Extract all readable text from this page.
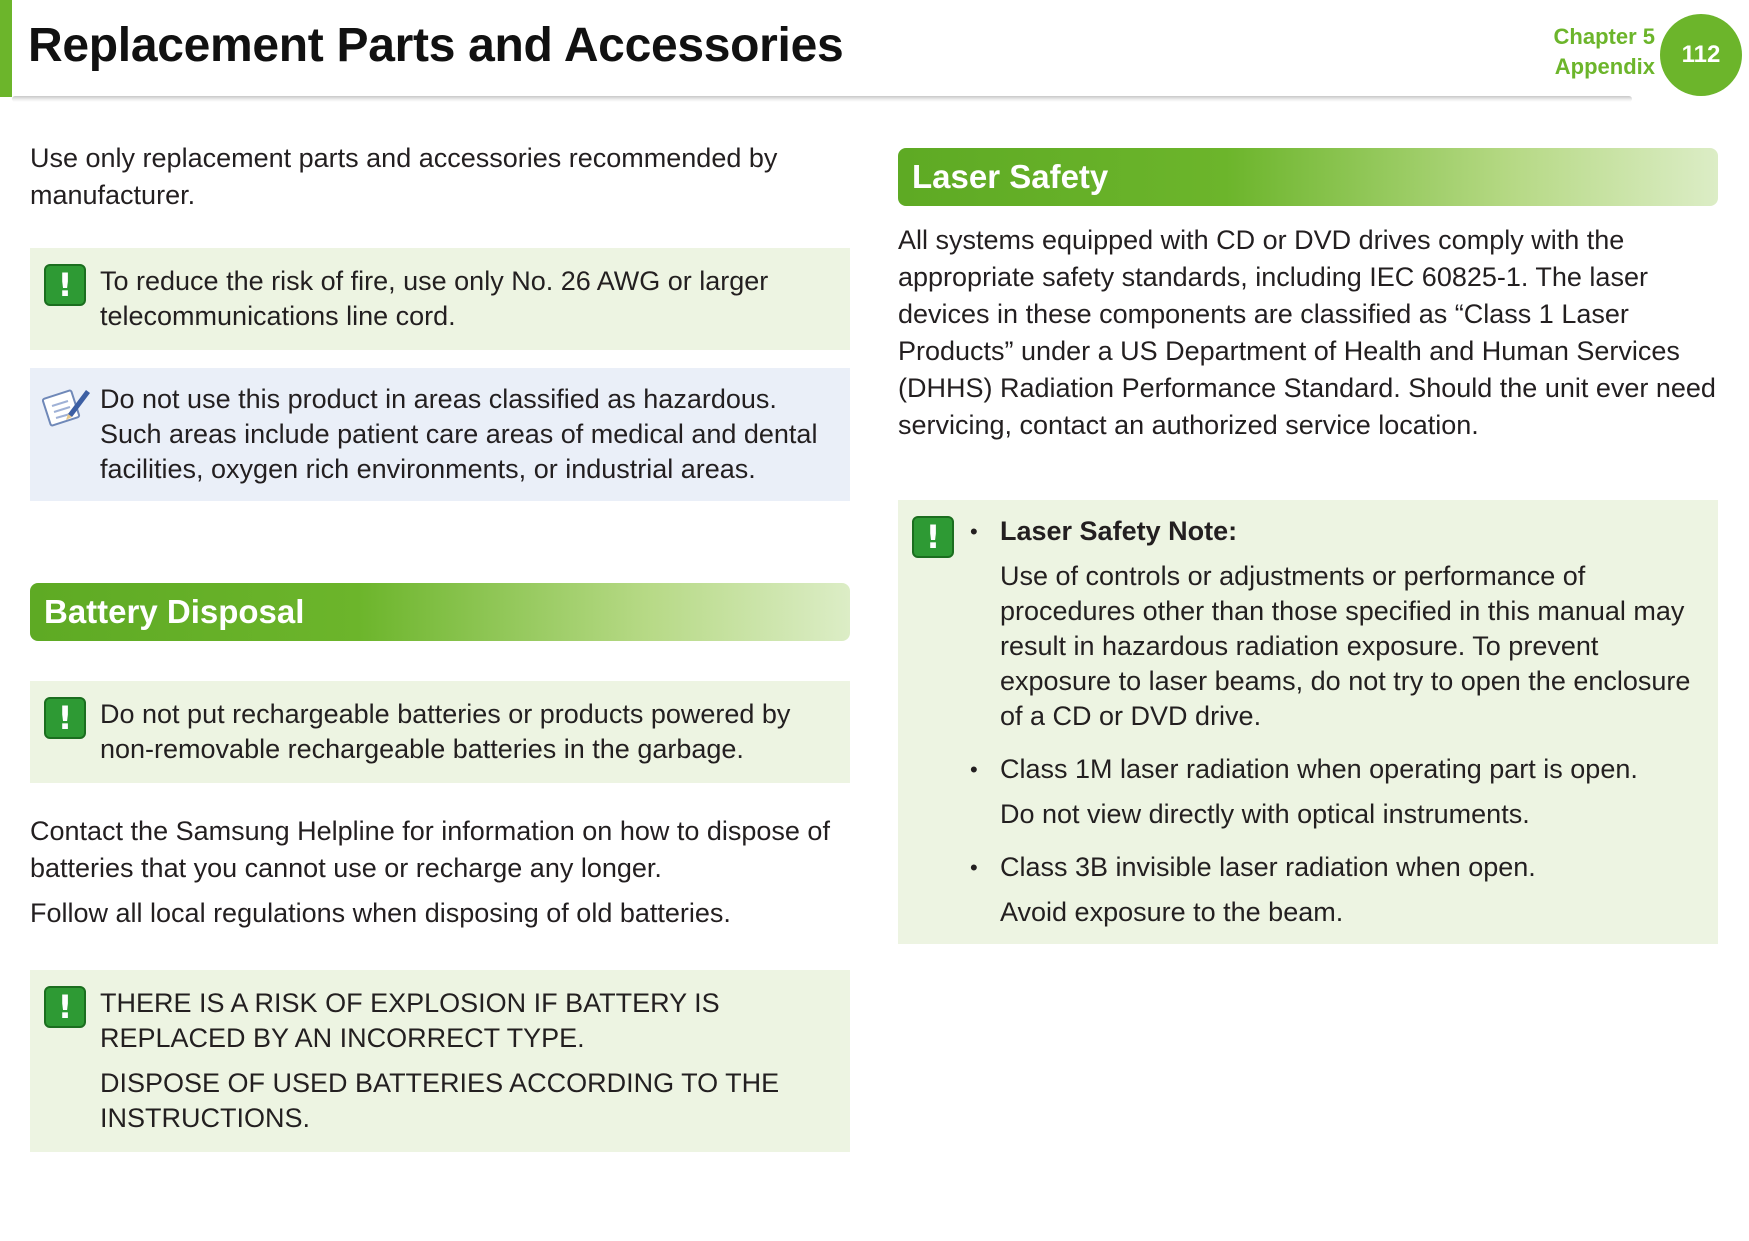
Replacement Parts and Accessories	Chapter 5
Appendix	112

Use only replacement parts and accessories recommended by manufacturer.

!	To reduce the risk of fire, use only No. 26 AWG or larger telecommunications line cord.

Do not use this product in areas classified as hazardous. Such areas include patient care areas of medical and dental facilities, oxygen rich environments, or industrial areas.

Battery Disposal
!	Do not put rechargeable batteries or products powered by non-removable rechargeable batteries in the garbage.

Contact the Samsung Helpline for information on how to dispose of batteries that you cannot use or recharge any longer.

Follow all local regulations when disposing of old batteries.

!	THERE IS A RISK OF EXPLOSION IF BATTERY IS REPLACED BY AN INCORRECT TYPE.

DISPOSE OF USED BATTERIES ACCORDING TO THE INSTRUCTIONS.

Laser Safety

All systems equipped with CD or DVD drives comply with the appropriate safety standards, including IEC 60825-1. The laser devices in these components are classified as “Class 1 Laser Products” under a US Department of Health and Human Services (DHHS) Radiation Performance Standard. Should the unit ever need servicing, contact an authorized service location.

!

•	Laser Safety Note:

Use of controls or adjustments or performance of procedures other than those specified in this manual may result in hazardous radiation exposure. To prevent exposure to laser beams, do not try to open the enclosure of a CD or DVD drive.

• Class 1M laser radiation when operating part is open.

Do not view directly with optical instruments.

• Class 3B invisible laser radiation when open.

Avoid exposure to the beam.
